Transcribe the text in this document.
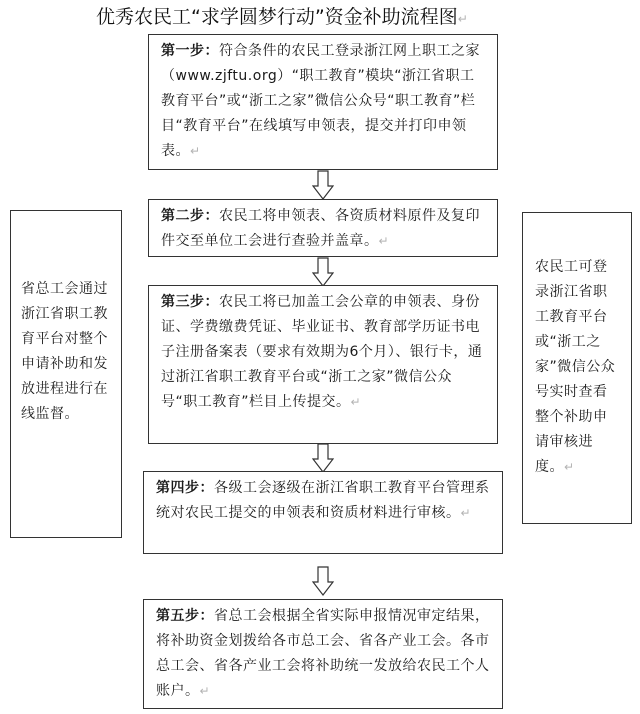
优秀农民工“求学圆梦行动”资金补助流程图↵
第一步：符合条件的农民工登录浙江网上职工之家（www.zjftu.org）“职工教育”模块“浙江省职工教育平台”或“浙工之家”微信公众号“职工教育”栏目“教育平台”在线填写申领表，提交并打印申领表。↵
第二步：农民工将申领表、各资质材料原件及复印件交至单位工会进行查验并盖章。↵
第三步：农民工将已加盖工会公章的申领表、身份证、学费缴费凭证、毕业证书、教育部学历证书电子注册备案表（要求有效期为6个月）、银行卡，通过浙江省职工教育平台或“浙工之家”微信公众号“职工教育”栏目上传提交。↵
第四步：各级工会逐级在浙江省职工教育平台管理系统对农民工提交的申领表和资质材料进行审核。↵
第五步：省总工会根据全省实际申报情况审定结果，将补助资金划拨给各市总工会、省各产业工会。各市总工会、省各产业工会将补助统一发放给农民工个人账户。↵
省总工会通过浙江省职工教育平台对整个申请补助和发放进程进行在线监督。
农民工可登录浙江省职工教育平台或“浙工之家”微信公众号实时查看整个补助申请审核进度。↵
